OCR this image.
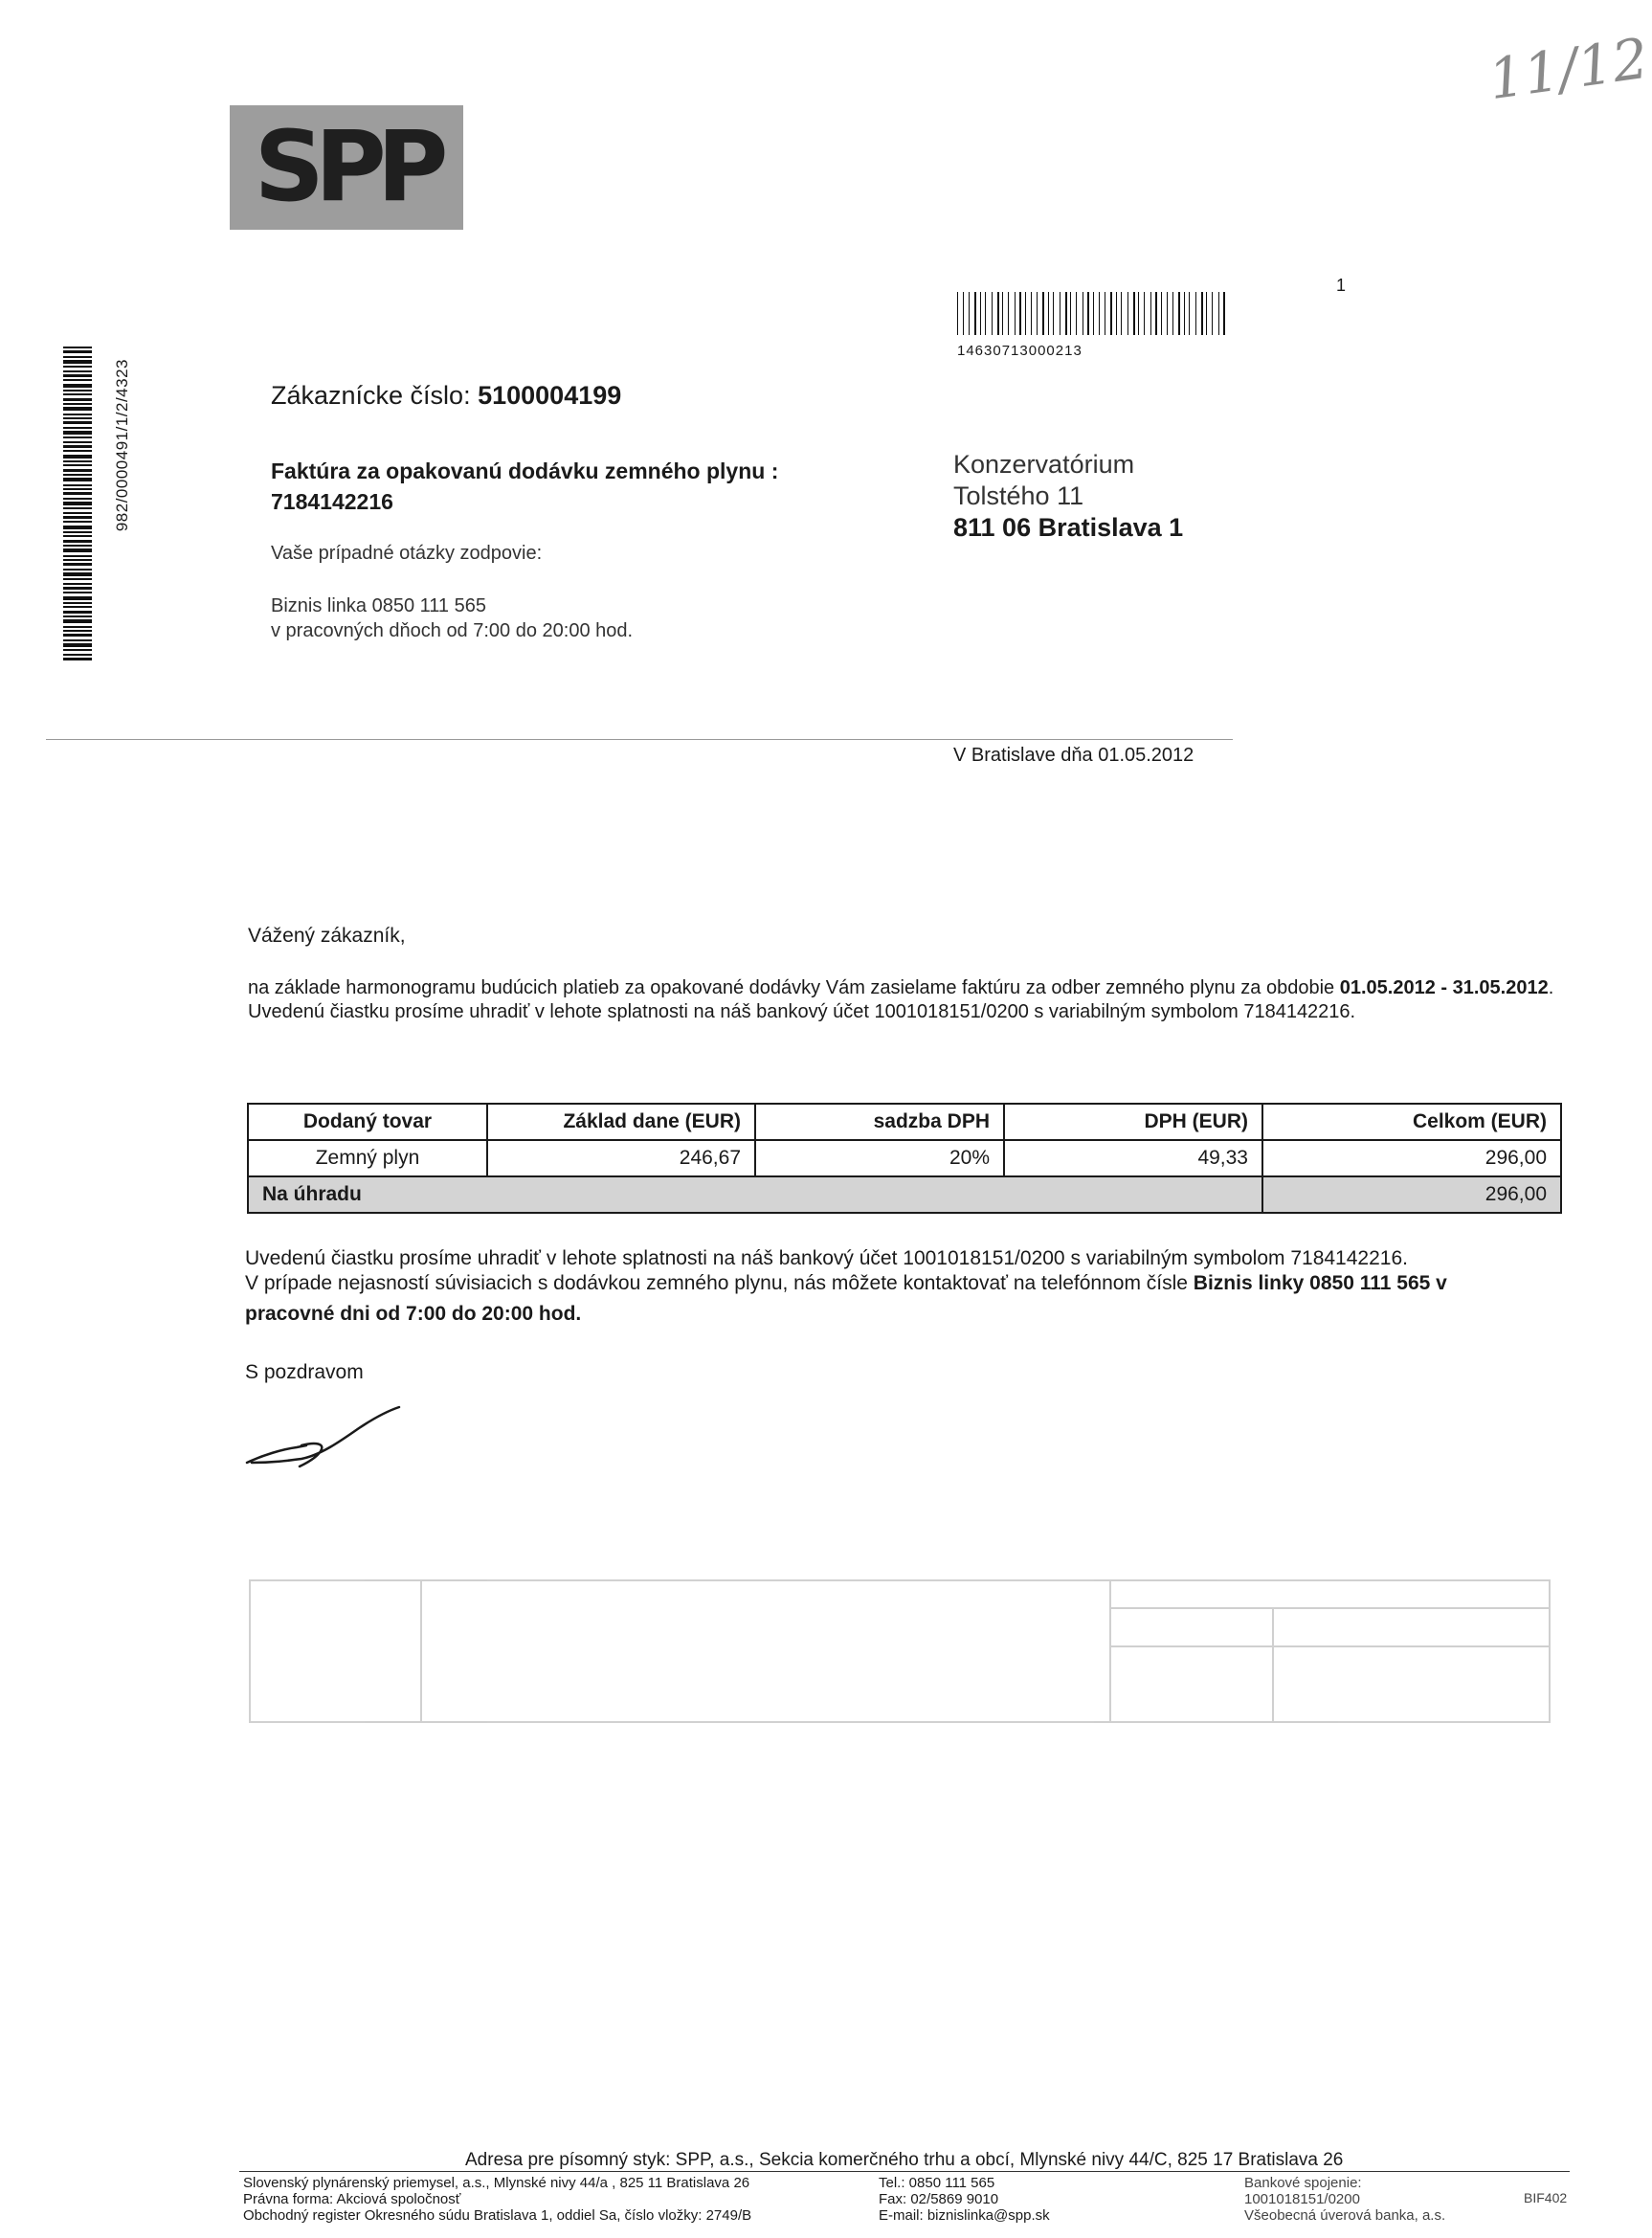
SPP
11/12
1
14630713000213
982/0000491/1/2/4323	Zákaznícke číslo: 5100004199
Faktúra za opakovanú dodávku zemného plynu :
7184142216
Vaše prípadné otázky zodpovie:
Biznis linka 0850 111 565
v pracovných dňoch od 7:00 do 20:00 hod.
Konzervatórium
Tolstého 11
811 06 Bratislava 1
V Bratislave dňa 01.05.2012
Vážený zákazník,
na základe harmonogramu budúcich platieb za opakované dodávky Vám zasielame faktúru za odber zemného plynu za obdobie 01.05.2012 - 31.05.2012.
Uvedenú čiastku prosíme uhradiť v lehote splatnosti na náš bankový účet 1001018151/0200 s variabilným symbolom 7184142216.
Dodaný tovar	Základ dane (EUR)	sadzba DPH	DPH (EUR)	Celkom (EUR)
Zemný plyn	246,67	20%	49,33	296,00
Na úhradu				296,00
Uvedenú čiastku prosíme uhradiť v lehote splatnosti na náš bankový účet 1001018151/0200 s variabilným symbolom 7184142216.
V prípade nejasností súvisiacich s dodávkou zemného plynu, nás môžete kontaktovať na telefónnom čísle Biznis linky 0850 111 565 v
pracovné dni od 7:00 do 20:00 hod.
S pozdravom
Adresa pre písomný styk: SPP, a.s., Sekcia komerčného trhu a obcí, Mlynské nivy 44/C, 825 17 Bratislava 26
Slovenský plynárenský priemysel, a.s., Mlynské nivy 44/a , 825 11 Bratislava 26
Právna forma: Akciová spoločnosť
Obchodný register Okresného súdu Bratislava 1, oddiel Sa, číslo vložky: 2749/B
Tel.: 0850 111 565
Fax: 02/5869 9010
E-mail: biznislinka@spp.sk
Bankové spojenie:
1001018151/0200
Všeobecná úverová banka, a.s.
BIF402
